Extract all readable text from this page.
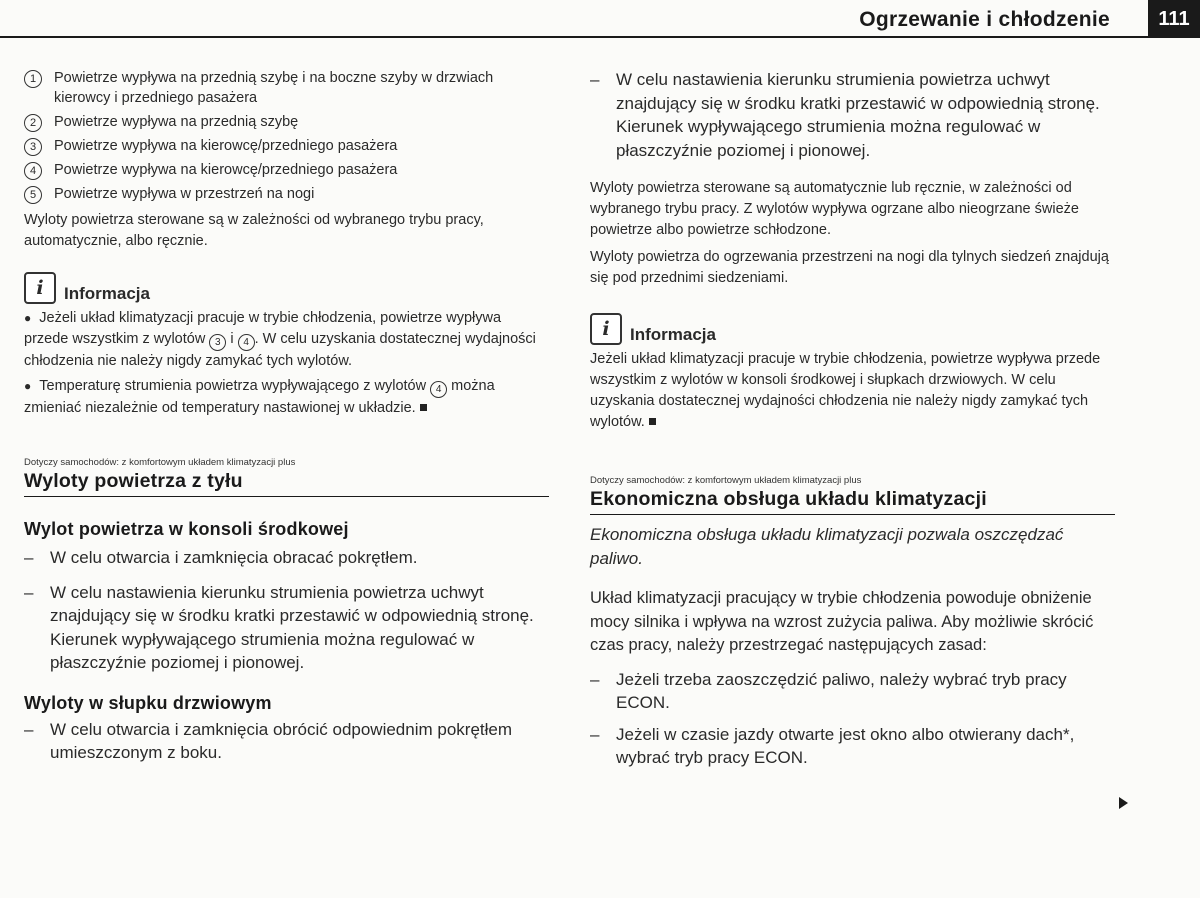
Ogrzewanie i chłodzenie	111
1	Powietrze wypływa na przednią szybę i na boczne szyby w drzwiach kierowcy i przedniego pasażera
2	Powietrze wypływa na przednią szybę
3	Powietrze wypływa na kierowcę/przedniego pasażera
4	Powietrze wypływa na kierowcę/przedniego pasażera
5	Powietrze wypływa w przestrzeń na nogi

Wyloty powietrza sterowane są w zależności od wybranego trybu pracy, automatycznie, albo ręcznie.

i	Informacja

● Jeżeli układ klimatyzacji pracuje w trybie chłodzenia, powietrze wypływa przede wszystkim z wylotów 3 i 4 . W celu uzyskania dostatecznej wydajności chłodzenia nie należy nigdy zamykać tych wylotów.

● Temperaturę strumienia powietrza wypływającego z wylotów 4 można zmieniać niezależnie od temperatury nastawionej w układzie.

Dotyczy samochodów: z komfortowym układem klimatyzacji plus

Wyloty powietrza z tyłu
Wylot powietrza w konsoli środkowej
– W celu otwarcia i zamknięcia obracać pokrętłem.
– W celu nastawienia kierunku strumienia powietrza uchwyt znajdujący się w środku kratki przestawić w odpowiednią stronę. Kierunek wypływającego strumienia można regulować w płaszczyźnie poziomej i pionowej.
Wyloty w słupku drzwiowym
– W celu otwarcia i zamknięcia obrócić odpowiednim pokrętłem umieszczonym z boku.
– W celu nastawienia kierunku strumienia powietrza uchwyt znajdujący się w środku kratki przestawić w odpowiednią stronę. Kierunek wypływającego strumienia można regulować w płaszczyźnie poziomej i pionowej.

Wyloty powietrza sterowane są automatycznie lub ręcznie, w zależności od wybranego trybu pracy. Z wylotów wypływa ogrzane albo nieogrzane świeże powietrze albo powietrze schłodzone.

Wyloty powietrza do ogrzewania przestrzeni na nogi dla tylnych siedzeń znajdują się pod przednimi siedzeniami.

i	Informacja

Jeżeli układ klimatyzacji pracuje w trybie chłodzenia, powietrze wypływa przede wszystkim z wylotów w konsoli środkowej i słupkach drzwiowych. W celu uzyskania dostatecznej wydajności chłodzenia nie należy nigdy zamykać tych wylotów.

Dotyczy samochodów: z komfortowym układem klimatyzacji plus

Ekonomiczna obsługa układu klimatyzacji

Ekonomiczna obsługa układu klimatyzacji pozwala oszczędzać paliwo.

Układ klimatyzacji pracujący w trybie chłodzenia powoduje obniżenie mocy silnika i wpływa na wzrost zużycia paliwa. Aby możliwie skrócić czas pracy, należy przestrzegać następujących zasad:

– Jeżeli trzeba zaoszczędzić paliwo, należy wybrać tryb pracy ECON.
– Jeżeli w czasie jazdy otwarte jest okno albo otwierany dach*, wybrać tryb pracy ECON.
